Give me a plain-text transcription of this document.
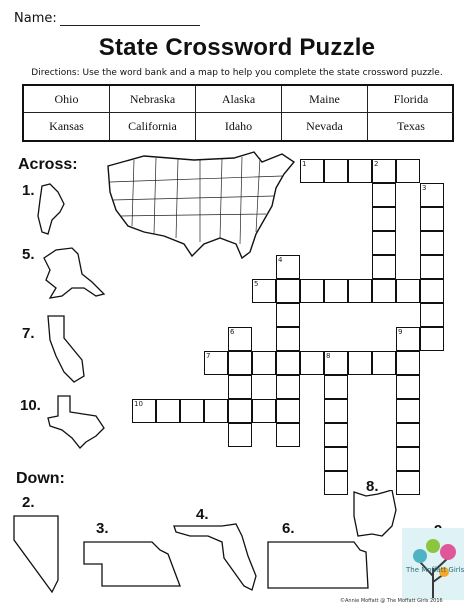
Name:
State Crossword Puzzle
Directions: Use the word bank and a map to help you complete the state crossword puzzle.
Ohio	Nebraska	Alaska	Maine	Florida
Kansas	California	Idaho	Nevada	Texas
Across:
1.
5.
7.
10.
Down:
2.
3.
4.
6.
8.
The Moffatt Girls
©Annie Moffatt @ The Moffatt Girls 2016
1	2
3
4
5
6
7	8
9
10
